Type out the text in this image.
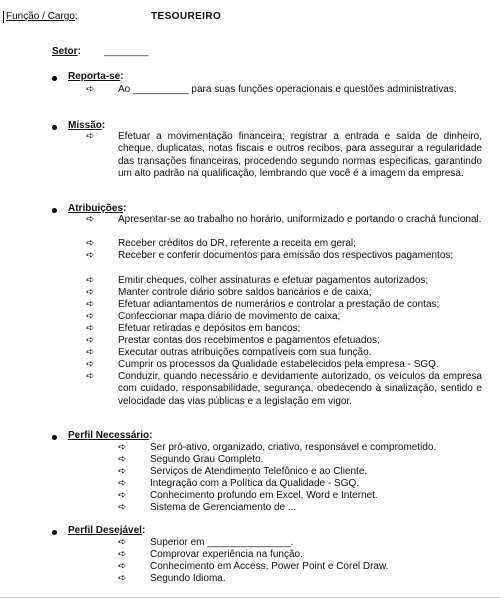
Função / Cargo:	TESOUREIRO
Setor: ________
Reporta-se:
➪ Ao __________ para suas funções operacionais e questões administrativas.
Missão:
➪ Efetuar a movimentação financeira; registrar a entrada e saída de dinheiro, cheque, duplicatas, notas fiscais e outros recibos, para assegurar a regularidade das transações financeiras, procedendo segundo normas especificas, garantindo um alto padrão na qualificação, lembrando que você é a imagem da empresa.
Atribuições:
➪ Apresentar-se ao trabalho no horário, uniformizado e portando o crachá funcional.
➪ Receber créditos do DR, referente a receita em geral;
➪ Receber e conferir documentos para emissão dos respectivos pagamentos;
➪ Emitir cheques, colher assinaturas e efetuar pagamentos autorizados;
➪ Manter controle diário sobre saldos bancários e de caixa;
➪ Efetuar adiantamentos de numerários e controlar a prestação de contas;
➪ Confeccionar mapa diário de movimento de caixa;
➪ Efetuar retiradas e depósitos em bancos;
➪ Prestar contas dos recebimentos e pagamentos efetuados;
➪ Executar outras atribuições compatíveis com sua função.
➪ Cumprir os processos da Qualidade estabelecidos pela empresa - SGQ.
➪ Conduzir, quando necessário e devidamente autorizado, os veículos da empresa com cuidado, responsabilidade, segurança, obedecendo à sinalização, sentido e velocidade das vias públicas e a legislação em vigor.
Perfil Necessário:
➪ Ser pró-ativo, organizado, criativo, responsável e comprometido.
➪ Segundo Grau Completo.
➪ Serviços de Atendimento Telefônico e ao Cliente.
➪ Integração com a Política da Qualidade - SGQ.
➪ Conhecimento profundo em Excel, Word e Internet.
➪ Sistema de Gerenciamento de ...
Perfil Desejável:
➪ Superior em _______________.
➪ Comprovar experiência na função.
➪ Conhecimento em Access, Power Point e Corel Draw.
➪ Segundo Idioma.
